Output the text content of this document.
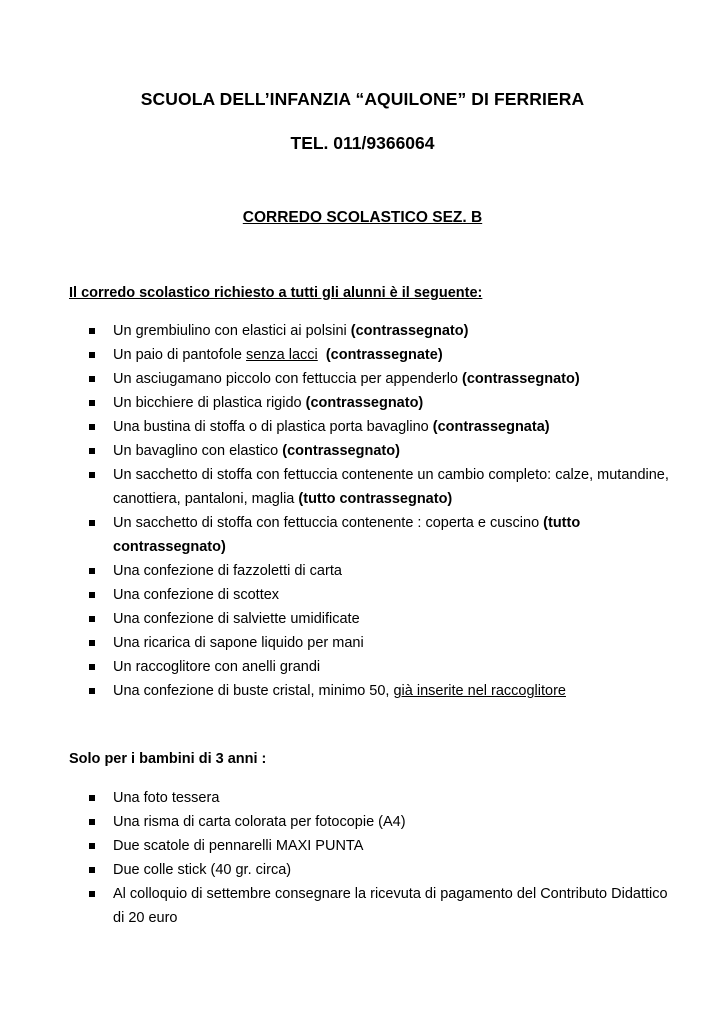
SCUOLA DELL’INFANZIA “AQUILONE” DI FERRIERA
TEL. 011/9366064
CORREDO SCOLASTICO SEZ. B
Il corredo scolastico richiesto a tutti gli alunni è il seguente:
Un grembiulino con elastici ai polsini (contrassegnato)
Un paio di pantofole senza lacci (contrassegnate)
Un asciugamano piccolo con fettuccia per appenderlo (contrassegnato)
Un bicchiere di plastica rigido (contrassegnato)
Una bustina di stoffa o di plastica porta bavaglino (contrassegnata)
Un bavaglino con elastico (contrassegnato)
Un sacchetto di stoffa con fettuccia contenente un cambio completo: calze, mutandine, canottiera, pantaloni, maglia (tutto contrassegnato)
Un sacchetto di stoffa con fettuccia contenente : coperta e cuscino (tutto contrassegnato)
Una confezione di fazzoletti di carta
Una confezione di scottex
Una confezione di salviette umidificate
Una ricarica di sapone liquido per mani
Un raccoglitore con anelli grandi
Una confezione di buste cristal, minimo 50, già inserite nel raccoglitore
Solo per i bambini di 3 anni :
Una foto tessera
Una risma di carta colorata per fotocopie (A4)
Due scatole di pennarelli MAXI PUNTA
Due colle stick (40 gr. circa)
Al colloquio di settembre consegnare la ricevuta di pagamento del Contributo Didattico di 20 euro
